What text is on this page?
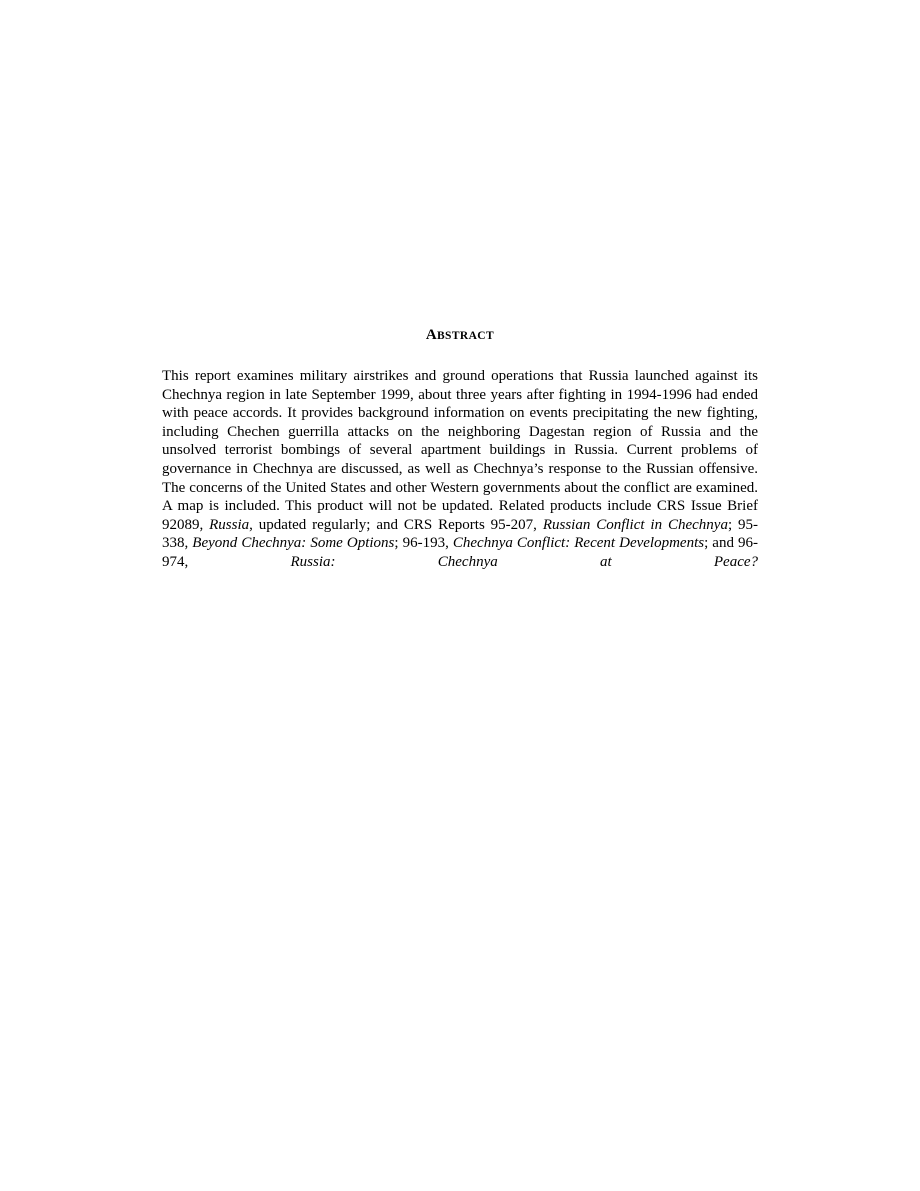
ABSTRACT

This report examines military airstrikes and ground operations that Russia launched against its Chechnya region in late September 1999, about three years after fighting in 1994-1996 had ended with peace accords. It provides background information on events precipitating the new fighting, including Chechen guerrilla attacks on the neighboring Dagestan region of Russia and the unsolved terrorist bombings of several apartment buildings in Russia. Current problems of governance in Chechnya are discussed, as well as Chechnya’s response to the Russian offensive. The concerns of the United States and other Western governments about the conflict are examined. A map is included. This product will not be updated. Related products include CRS Issue Brief 92089, Russia, updated regularly; and CRS Reports 95-207, Russian Conflict in Chechnya; 95-338, Beyond Chechnya: Some Options; 96-193, Chechnya Conflict: Recent Developments; and 96-974, Russia: Chechnya at Peace?
